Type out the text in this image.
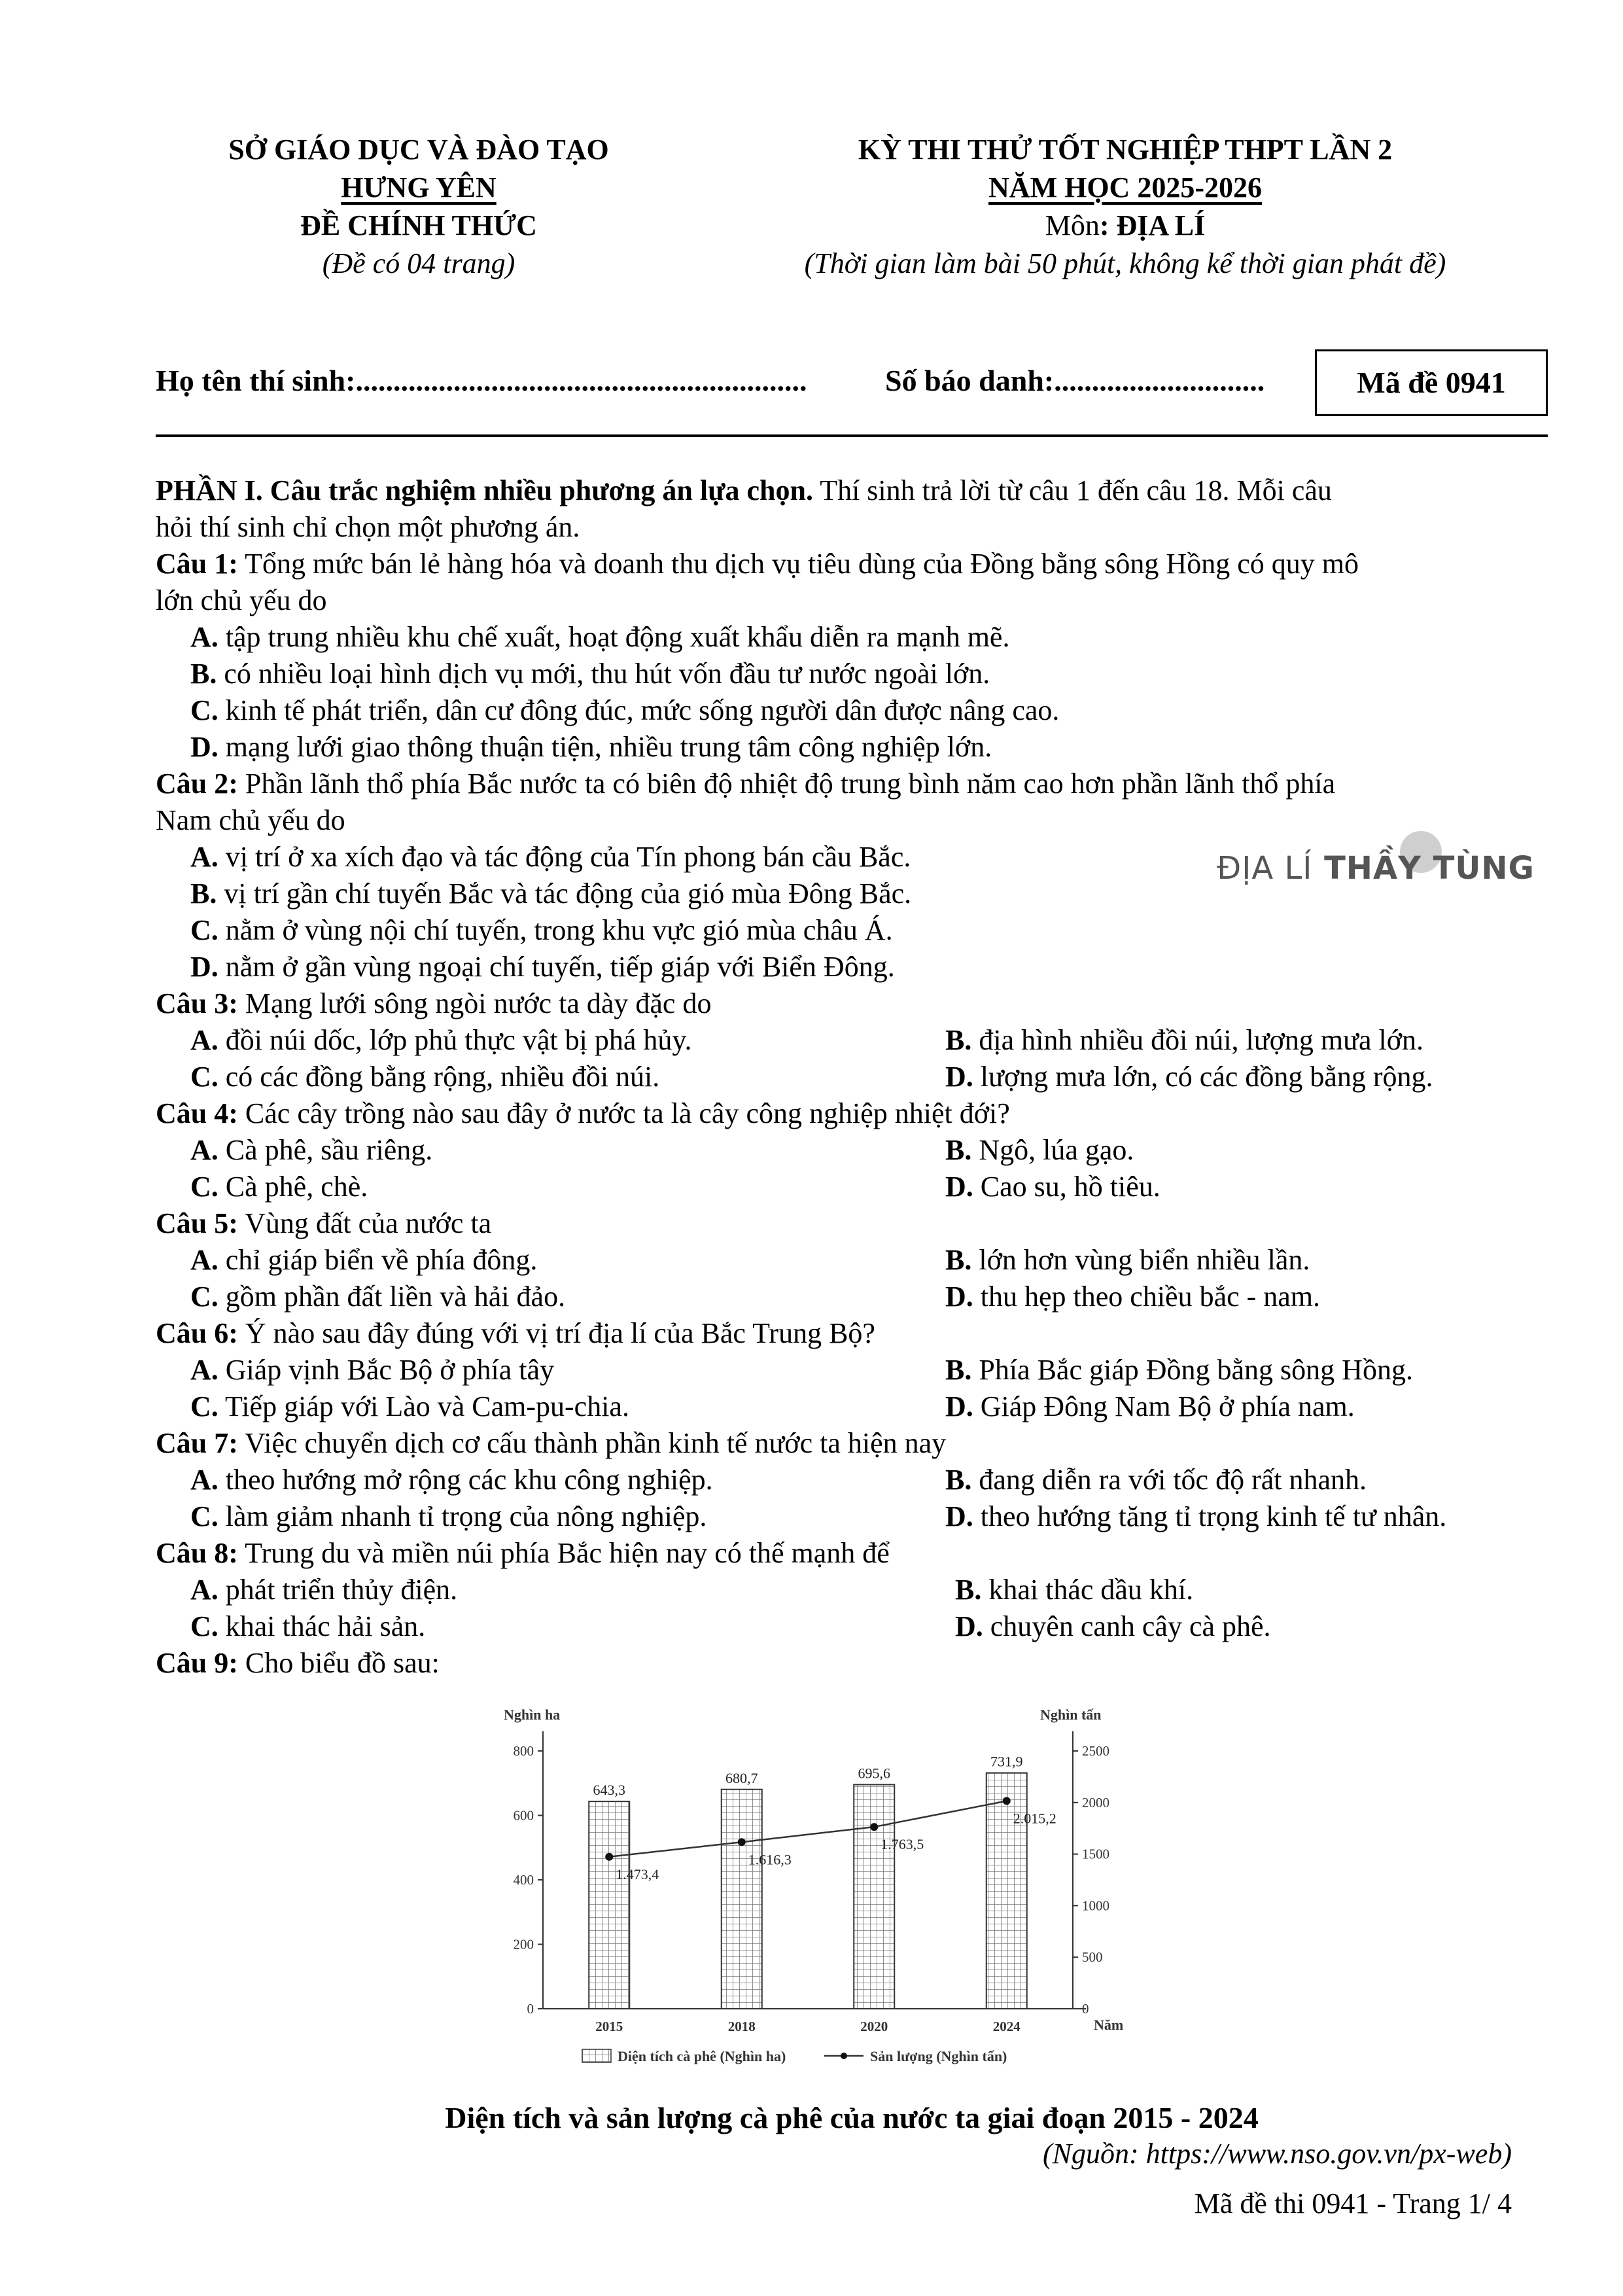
SỞ GIÁO DỤC VÀ ĐÀO TẠO
HƯNG YÊN
ĐỀ CHÍNH THỨC
(Đề có 04 trang)
KỲ THI THỬ TỐT NGHIỆP THPT LẦN 2
NĂM HỌC 2025-2026
Môn: ĐỊA LÍ
(Thời gian làm bài 50 phút, không kể thời gian phát đề)
Họ tên thí sinh:............................................................	Số báo danh:............................	Mã đề 0941
PHẦN I. Câu trắc nghiệm nhiều phương án lựa chọn. Thí sinh trả lời từ câu 1 đến câu 18. Mỗi câu
hỏi thí sinh chỉ chọn một phương án.
Câu 1: Tổng mức bán lẻ hàng hóa và doanh thu dịch vụ tiêu dùng của Đồng bằng sông Hồng có quy mô
lớn chủ yếu do
A. tập trung nhiều khu chế xuất, hoạt động xuất khẩu diễn ra mạnh mẽ.
B. có nhiều loại hình dịch vụ mới, thu hút vốn đầu tư nước ngoài lớn.
C. kinh tế phát triển, dân cư đông đúc, mức sống người dân được nâng cao.
D. mạng lưới giao thông thuận tiện, nhiều trung tâm công nghiệp lớn.
Câu 2: Phần lãnh thổ phía Bắc nước ta có biên độ nhiệt độ trung bình năm cao hơn phần lãnh thổ phía
Nam chủ yếu do
A. vị trí ở xa xích đạo và tác động của Tín phong bán cầu Bắc.
B. vị trí gần chí tuyến Bắc và tác động của gió mùa Đông Bắc.
C. nằm ở vùng nội chí tuyến, trong khu vực gió mùa châu Á.
D. nằm ở gần vùng ngoại chí tuyến, tiếp giáp với Biển Đông.
ĐỊA LÍ THẦY TÙNG
Câu 3: Mạng lưới sông ngòi nước ta dày đặc do
A. đồi núi dốc, lớp phủ thực vật bị phá hủy.	B. địa hình nhiều đồi núi, lượng mưa lớn.
C. có các đồng bằng rộng, nhiều đồi núi.	D. lượng mưa lớn, có các đồng bằng rộng.
Câu 4: Các cây trồng nào sau đây ở nước ta là cây công nghiệp nhiệt đới?
A. Cà phê, sầu riêng.	B. Ngô, lúa gạo.
C. Cà phê, chè.	D. Cao su, hồ tiêu.
Câu 5: Vùng đất của nước ta
A. chỉ giáp biển về phía đông.	B. lớn hơn vùng biển nhiều lần.
C. gồm phần đất liền và hải đảo.	D. thu hẹp theo chiều bắc - nam.
Câu 6: Ý nào sau đây đúng với vị trí địa lí của Bắc Trung Bộ?
A. Giáp vịnh Bắc Bộ ở phía tây	B. Phía Bắc giáp Đồng bằng sông Hồng.
C. Tiếp giáp với Lào và Cam-pu-chia.	D. Giáp Đông Nam Bộ ở phía nam.
Câu 7: Việc chuyển dịch cơ cấu thành phần kinh tế nước ta hiện nay
A. theo hướng mở rộng các khu công nghiệp.	B. đang diễn ra với tốc độ rất nhanh.
C. làm giảm nhanh tỉ trọng của nông nghiệp.	D. theo hướng tăng tỉ trọng kinh tế tư nhân.
Câu 8: Trung du và miền núi phía Bắc hiện nay có thế mạnh để
A. phát triển thủy điện.	B. khai thác dầu khí.
C. khai thác hải sản.	D. chuyên canh cây cà phê.
Câu 9: Cho biểu đồ sau:
Nghìn ha	Nghìn tấn
Năm
0
200
400
600
800
0
500
1000
1500
2000
2500
643,3
680,7	695,6
731,9
2015	2018	2020	2024
1.473,4
1.616,3
1.763,5
2.015,2
Diện tích cà phê (Nghìn ha)	Sản lượng (Nghìn tấn)
Diện tích và sản lượng cà phê của nước ta giai đoạn 2015 - 2024
(Nguồn: https://www.nso.gov.vn/px-web)
Mã đề thi 0941 - Trang 1/ 4
